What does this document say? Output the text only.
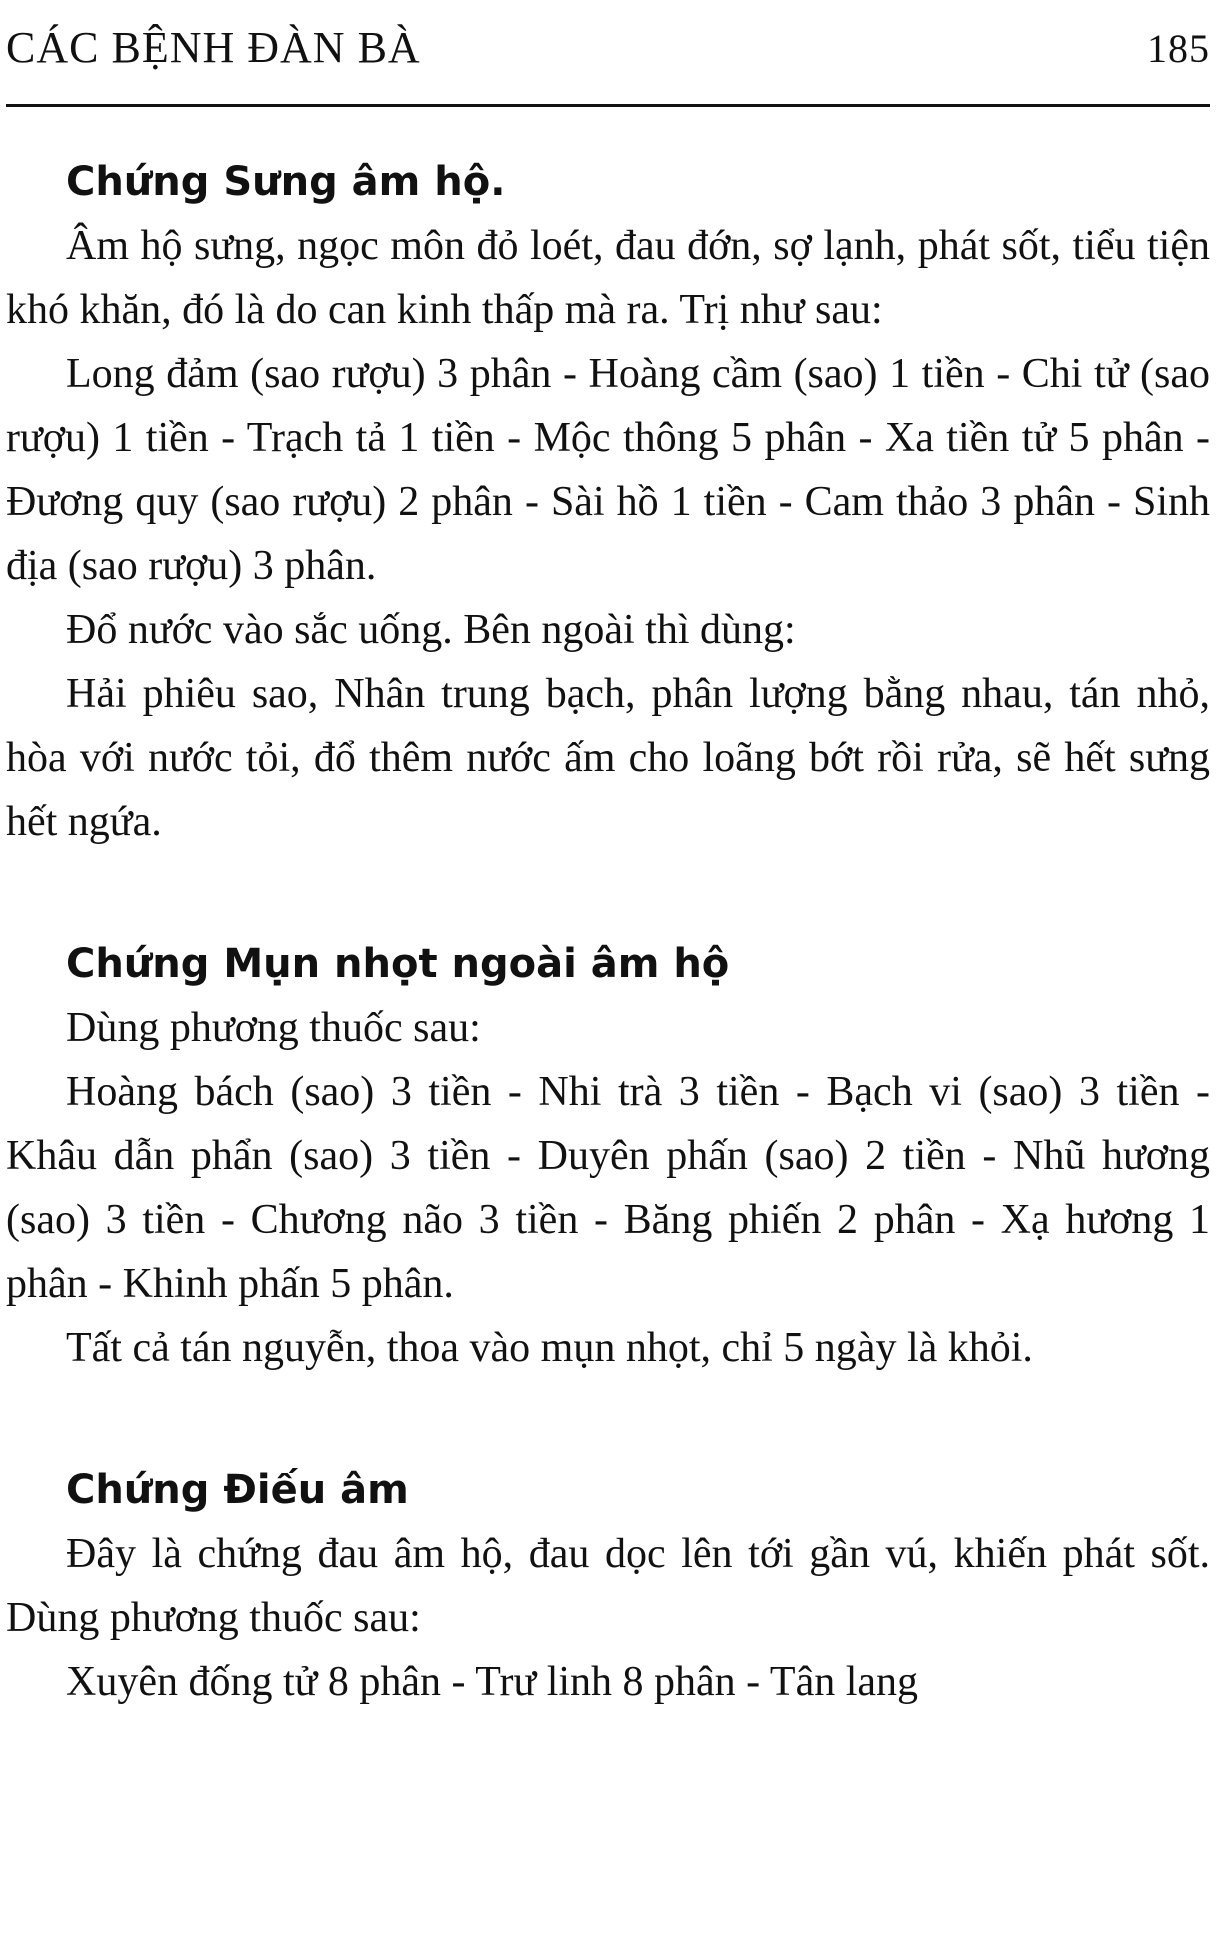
CÁC BỆNH ĐÀN BÀ	185
Chứng Sưng âm hộ.

Âm hộ sưng, ngọc môn đỏ loét, đau đớn, sợ lạnh, phát sốt, tiểu tiện khó khăn, đó là do can kinh thấp mà ra. Trị như sau:

Long đảm (sao rượu) 3 phân - Hoàng cầm (sao) 1 tiền - Chi tử (sao rượu) 1 tiền - Trạch tả 1 tiền - Mộc thông 5 phân - Xa tiền tử 5 phân - Đương quy (sao rượu) 2 phân - Sài hồ 1 tiền - Cam thảo 3 phân - Sinh địa (sao rượu) 3 phân.

Đổ nước vào sắc uống. Bên ngoài thì dùng:

Hải phiêu sao, Nhân trung bạch, phân lượng bằng nhau, tán nhỏ, hòa với nước tỏi, đổ thêm nước ấm cho loãng bớt rồi rửa, sẽ hết sưng hết ngứa.

Chứng Mụn nhọt ngoài âm hộ

Dùng phương thuốc sau:

Hoàng bách (sao) 3 tiền - Nhi trà 3 tiền - Bạch vi (sao) 3 tiền - Khâu dẫn phẩn (sao) 3 tiền - Duyên phấn (sao) 2 tiền - Nhũ hương (sao) 3 tiền - Chương não 3 tiền - Băng phiến 2 phân - Xạ hương 1 phân - Khinh phấn 5 phân.

Tất cả tán nguyễn, thoa vào mụn nhọt, chỉ 5 ngày là khỏi.

Chứng Điếu âm

Đây là chứng đau âm hộ, đau dọc lên tới gần vú, khiến phát sốt. Dùng phương thuốc sau:

Xuyên đống tử 8 phân - Trư linh 8 phân - Tân lang
